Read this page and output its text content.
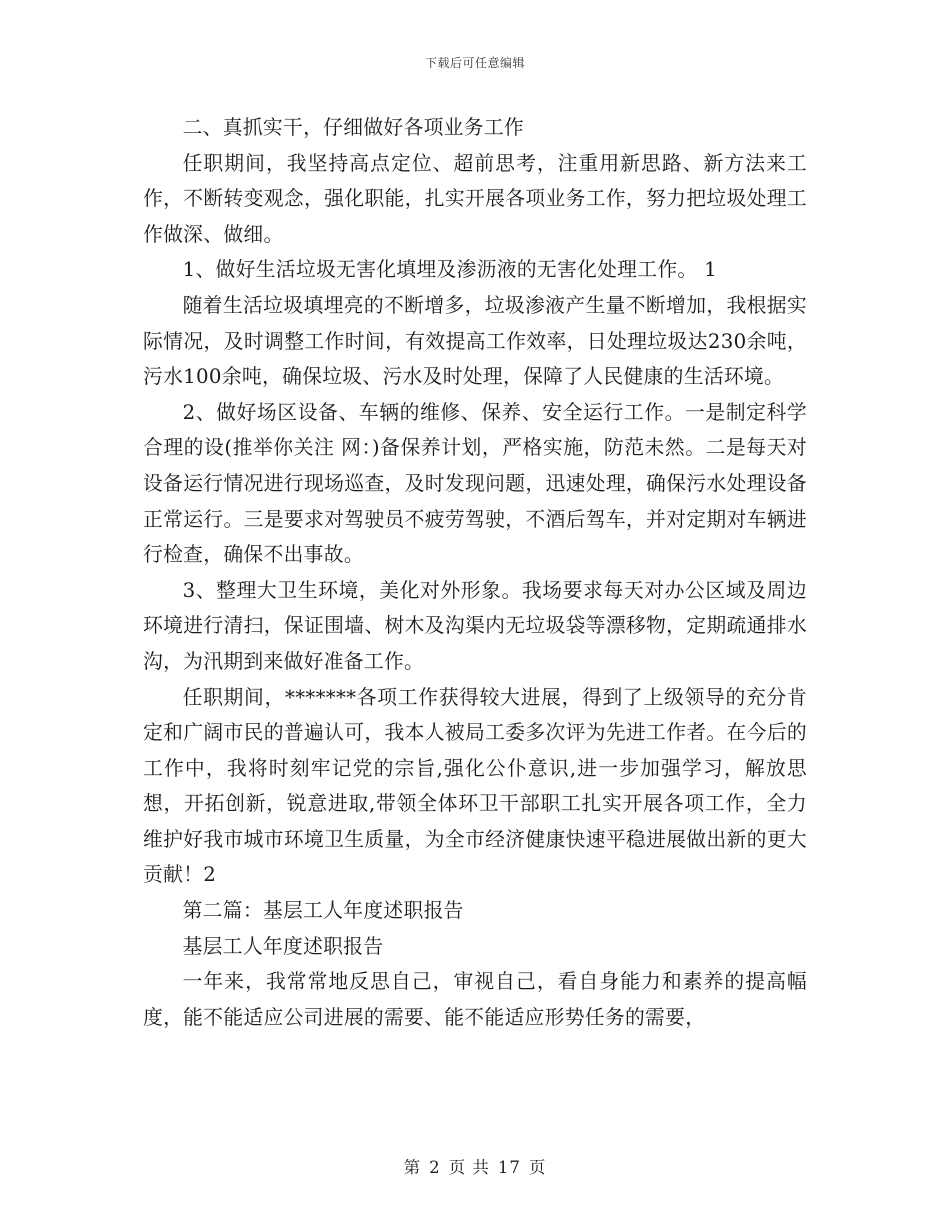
下载后可任意编辑

二、真抓实干，仔细做好各项业务工作

任职期间，我坚持高点定位、超前思考，注重用新思路、新方法来工作，不断转变观念，强化职能，扎实开展各项业务工作，努力把垃圾处理工作做深、做细。

1、做好生活垃圾无害化填埋及渗沥液的无害化处理工作。 1

随着生活垃圾填埋亮的不断增多，垃圾渗液产生量不断增加，我根据实际情况，及时调整工作时间，有效提高工作效率，日处理垃圾达230余吨，污水100余吨，确保垃圾、污水及时处理，保障了人民健康的生活环境。

2、做好场区设备、车辆的维修、保养、安全运行工作。一是制定科学合理的设(推举你关注 网：)备保养计划，严格实施，防范未然。二是每天对设备运行情况进行现场巡查，及时发现问题，迅速处理，确保污水处理设备正常运行。三是要求对驾驶员不疲劳驾驶，不酒后驾车，并对定期对车辆进行检查，确保不出事故。

3、整理大卫生环境，美化对外形象。我场要求每天对办公区域及周边环境进行清扫，保证围墙、树木及沟渠内无垃圾袋等漂移物，定期疏通排水沟，为汛期到来做好准备工作。

任职期间，*******各项工作获得较大进展，得到了上级领导的充分肯定和广阔市民的普遍认可，我本人被局工委多次评为先进工作者。在今后的工作中，我将时刻牢记党的宗旨,强化公仆意识,进一步加强学习，解放思想，开拓创新，锐意进取,带领全体环卫干部职工扎实开展各项工作，全力维护好我市城市环境卫生质量，为全市经济健康快速平稳进展做出新的更大贡献！2

第二篇：基层工人年度述职报告

基层工人年度述职报告

一年来，我常常地反思自己，审视自己，看自身能力和素养的提高幅度，能不能适应公司进展的需要、能不能适应形势任务的需要，

第 2 页 共 17 页
